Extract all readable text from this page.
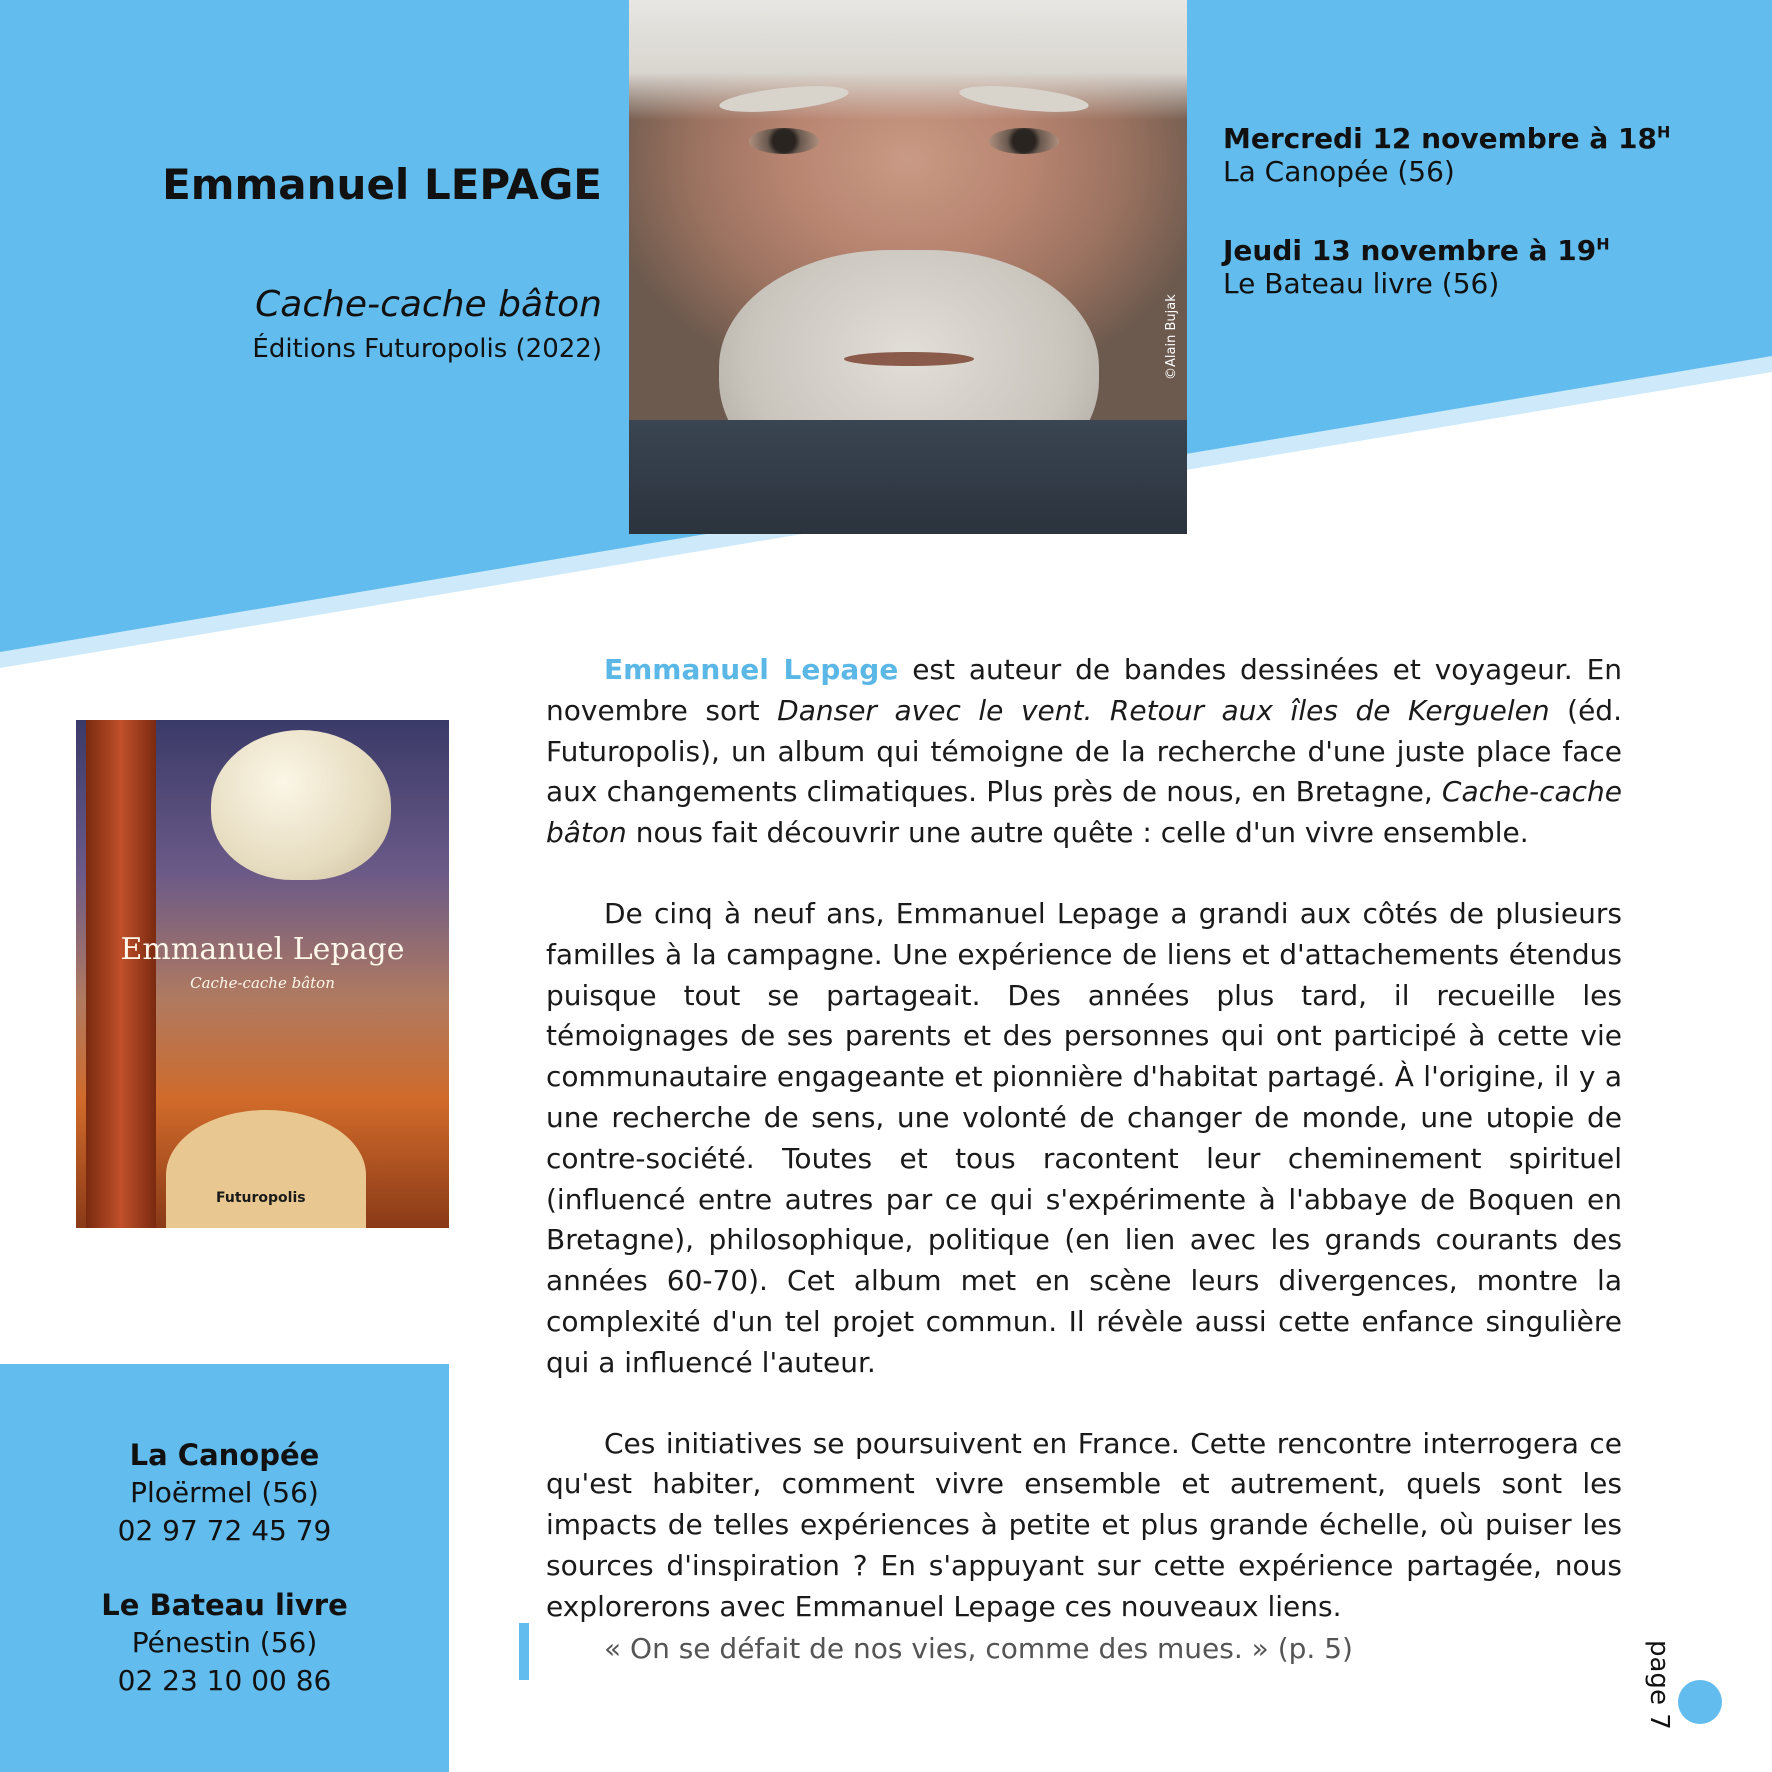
Emmanuel LEPAGE
Cache-cache bâton
Éditions Futuropolis (2022)	©Alain Bujak
Mercredi 12 novembre à $18^H$
La Canopée (56)
Jeudi 13 novembre à $19^H$
Le Bateau livre (56)
Emmanuel Lepage
Cache-cache bâton
Futuropolis
La Canopée
Ploërmel (56)
02 97 72 45 79
Le Bateau livre
Pénestin (56)
02 23 10 00 86

Emmanuel Lepage est auteur de bandes dessinées et voyageur. En novembre sort Danser avec le vent. Retour aux îles de Kerguelen (éd. Futuropolis), un album qui témoigne de la recherche d'une juste place face aux changements climatiques. Plus près de nous, en Bretagne, Cache-cache bâton nous fait découvrir une autre quête : celle d'un vivre ensemble.

De cinq à neuf ans, Emmanuel Lepage a grandi aux côtés de plusieurs familles à la campagne. Une expérience de liens et d'attachements étendus puisque tout se partageait. Des années plus tard, il recueille les témoignages de ses parents et des personnes qui ont participé à cette vie communautaire engageante et pionnière d'habitat partagé. À l'origine, il y a une recherche de sens, une volonté de changer de monde, une utopie de contre-société. Toutes et tous racontent leur cheminement spirituel (influencé entre autres par ce qui s'expérimente à l'abbaye de Boquen en Bretagne), philosophique, politique (en lien avec les grands courants des années 60-70). Cet album met en scène leurs divergences, montre la complexité d'un tel projet commun. Il révèle aussi cette enfance singulière qui a influencé l'auteur.

Ces initiatives se poursuivent en France. Cette rencontre interrogera ce qu'est habiter, comment vivre ensemble et autrement, quels sont les impacts de telles expériences à petite et plus grande échelle, où puiser les sources d'inspiration ? En s'appuyant sur cette expérience partagée, nous explorerons avec Emmanuel Lepage ces nouveaux liens.

« On se défait de nos vies, comme des mues. » (p. 5)	page 7
